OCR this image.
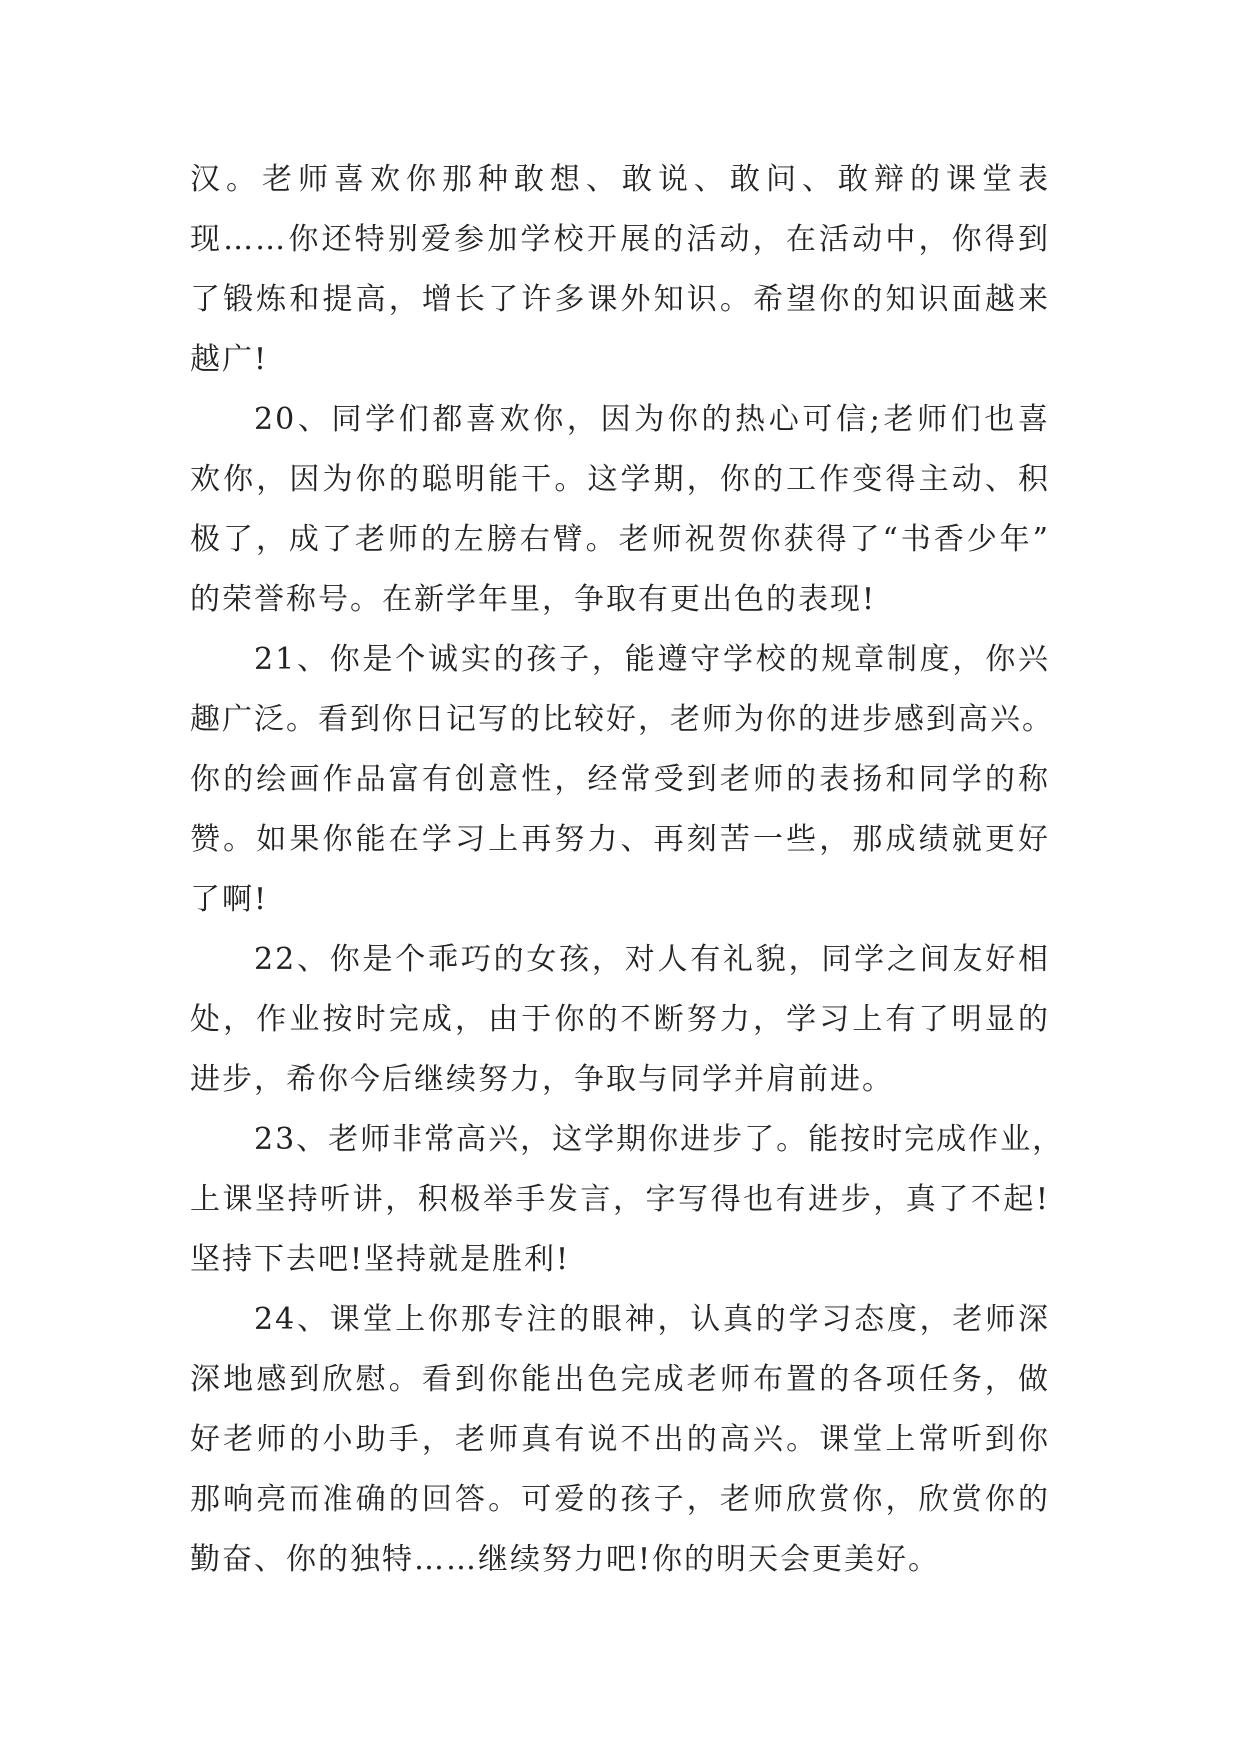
汉。老师喜欢你那种敢想、敢说、敢问、敢辩的课堂表
现……你还特别爱参加学校开展的活动，在活动中，你得到
了锻炼和提高，增长了许多课外知识。希望你的知识面越来
越广!
20、同学们都喜欢你，因为你的热心可信;老师们也喜
欢你，因为你的聪明能干。这学期，你的工作变得主动、积
极了，成了老师的左膀右臂。老师祝贺你获得了“书香少年”
的荣誉称号。在新学年里，争取有更出色的表现!
21、你是个诚实的孩子，能遵守学校的规章制度，你兴
趣广泛。看到你日记写的比较好，老师为你的进步感到高兴。
你的绘画作品富有创意性，经常受到老师的表扬和同学的称
赞。如果你能在学习上再努力、再刻苦一些，那成绩就更好
了啊!
22、你是个乖巧的女孩，对人有礼貌，同学之间友好相
处，作业按时完成，由于你的不断努力，学习上有了明显的
进步，希你今后继续努力，争取与同学并肩前进。
23、老师非常高兴，这学期你进步了。能按时完成作业，
上课坚持听讲，积极举手发言，字写得也有进步，真了不起!
坚持下去吧!坚持就是胜利!
24、课堂上你那专注的眼神，认真的学习态度，老师深
深地感到欣慰。看到你能出色完成老师布置的各项任务，做
好老师的小助手，老师真有说不出的高兴。课堂上常听到你
那响亮而准确的回答。可爱的孩子，老师欣赏你，欣赏你的
勤奋、你的独特……继续努力吧!你的明天会更美好。
